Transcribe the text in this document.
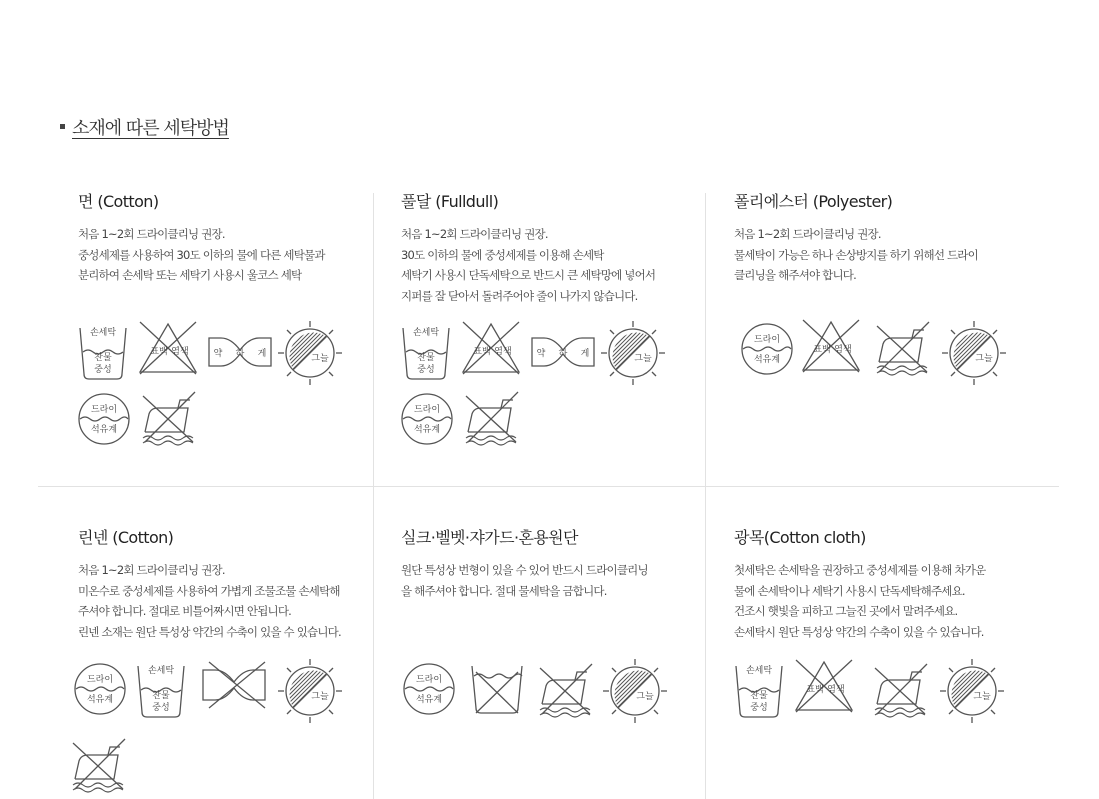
소재에 따른 세탁방법
면 (Cotton)
처음 1~2회 드라이클리닝 권장.
중성세제를 사용하여 30도 이하의 물에 다른 세탁물과
분리하여 손세탁 또는 세탁기 사용시 울코스 세탁
손세탁
찬물
중성
표백 염색	약 하 게	그늘
드라이
석유계
풀달 (Fulldull)
처음 1~2회 드라이클리닝 권장.
30도 이하의 물에 중성세제를 이용해 손세탁
세탁기 사용시 단독세탁으로 반드시 큰 세탁망에 넣어서
지퍼를 잘 닫아서 돌려주어야 줄이 나가지 않습니다.
손세탁
찬물
중성
표백 염색	약 하 게	그늘
드라이
석유계
폴리에스터 (Polyester)
처음 1~2회 드라이클리닝 권장.
물세탁이 가능은 하나 손상방지를 하기 위해선 드라이
클리닝을 해주셔야 합니다.
드라이
석유계
표백 염색
그늘
린넨 (Cotton)
처음 1~2회 드라이클리닝 권장.
미온수로 중성세제를 사용하여 가볍게 조물조물 손세탁해
주셔야 합니다. 절대로 비틀어짜시면 안됩니다.
린넨 소재는 원단 특성상 약간의 수축이 있을 수 있습니다.
드라이
석유계
손세탁
찬물
중성
그늘
실크·벨벳·쟈가드·혼용원단
원단 특성상 번형이 있을 수 있어 반드시 드라이클리닝
을 해주셔야 합니다. 절대 물세탁을 금합니다.
드라이
석유계	그늘
광목(Cotton cloth)
첫세탁은 손세탁을 권장하고 중성세제를 이용해 차가운
물에 손세탁이나 세탁기 사용시 단독세탁해주세요.
건조시 햇빛을 피하고 그늘진 곳에서 말려주세요.
손세탁시 원단 특성상 약간의 수축이 있을 수 있습니다.
손세탁
찬물
중성
표백 염색
그늘
